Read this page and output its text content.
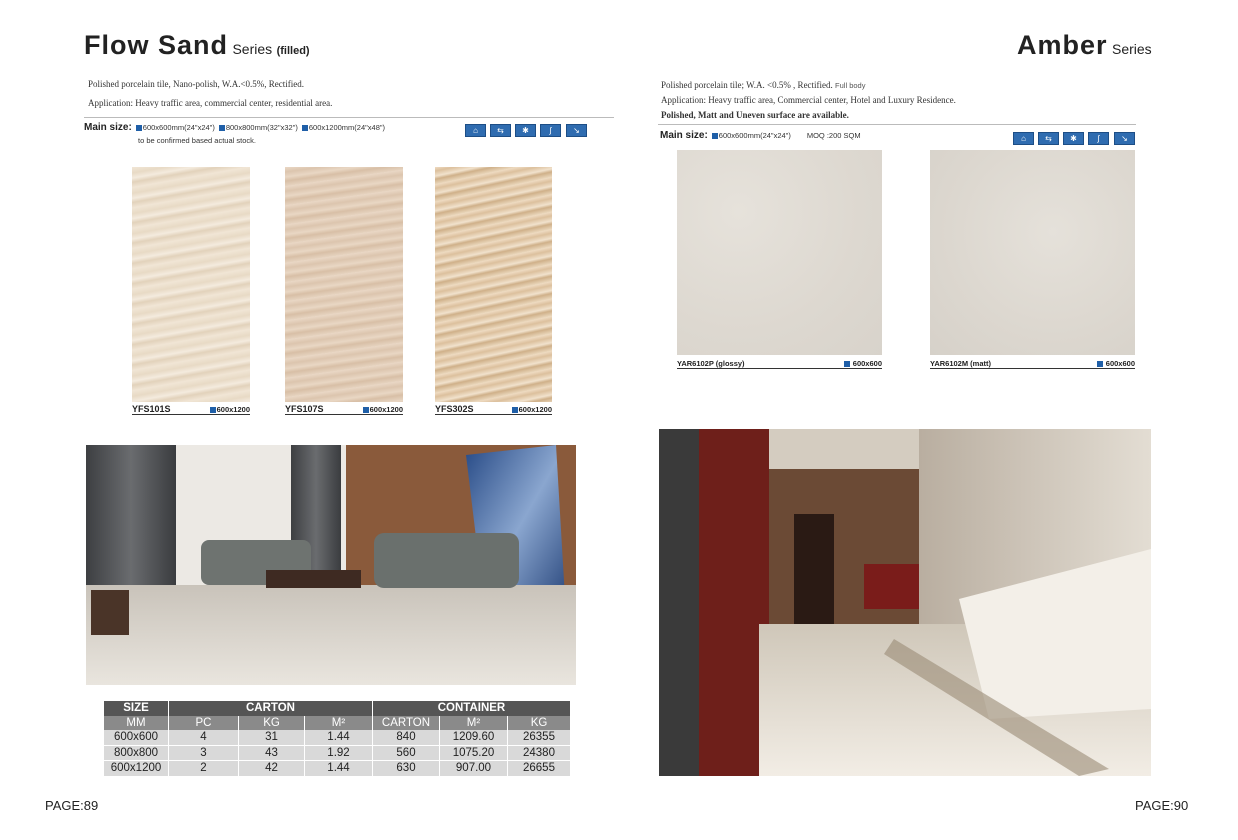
Flow Sand Series (filled)
Polished porcelain tile, Nano-polish, W.A.<0.5%, Rectified.
Application: Heavy traffic area, commercial center, residential area.
Main size: 600x600mm(24"x24") 800x800mm(32"x32") 600x1200mm(24"x48")
to be confirmed based actual stock.
⌂	⇆	✱	∫	↘
YFS101S	600x1200	YFS107S	600x1200	YFS302S	600x1200
SIZE	CARTON			CONTAINER		
MM	PC	KG	M²	CARTON	M²	KG
600x600	4	31	1.44	840	1209.60	26355
800x800	3	43	1.92	560	1075.20	24380
600x1200	2	42	1.44	630	907.00	26655
PAGE:89
Amber Series
Polished porcelain tile; W.A. <0.5% , Rectified. Full body
Application: Heavy traffic area, Commercial center, Hotel and Luxury Residence.
Polished, Matt and Uneven surface are available.
Main size: 600x600mm(24"x24") MOQ :200 SQM	⌂	⇆	✱	∫	↘
YAR6102P (glossy)
	600x600	YAR6102M (matt)
	600x600
PAGE:90
